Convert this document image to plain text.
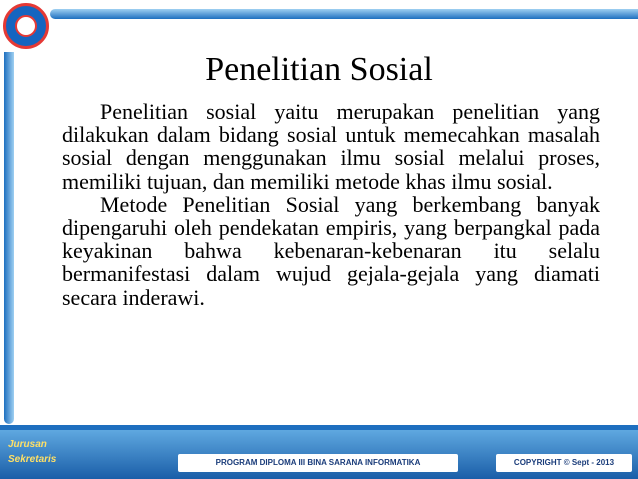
BINA SARANA INFORMATIKA
Penelitian Sosial

Penelitian sosial yaitu merupakan penelitian yang dilakukan dalam bidang sosial untuk memecahkan masalah sosial dengan menggunakan ilmu sosial melalui proses, memiliki tujuan, dan memiliki metode khas ilmu sosial.

Metode Penelitian Sosial yang berkembang banyak dipengaruhi oleh pendekatan empiris, yang berpangkal pada keyakinan bahwa kebenaran-kebenaran itu selalu bermanifestasi dalam wujud gejala-gejala yang diamati secara inderawi.

Jurusan
Sekretaris	PROGRAM DIPLOMA III BINA SARANA INFORMATIKA	COPYRIGHT © Sept - 2013
